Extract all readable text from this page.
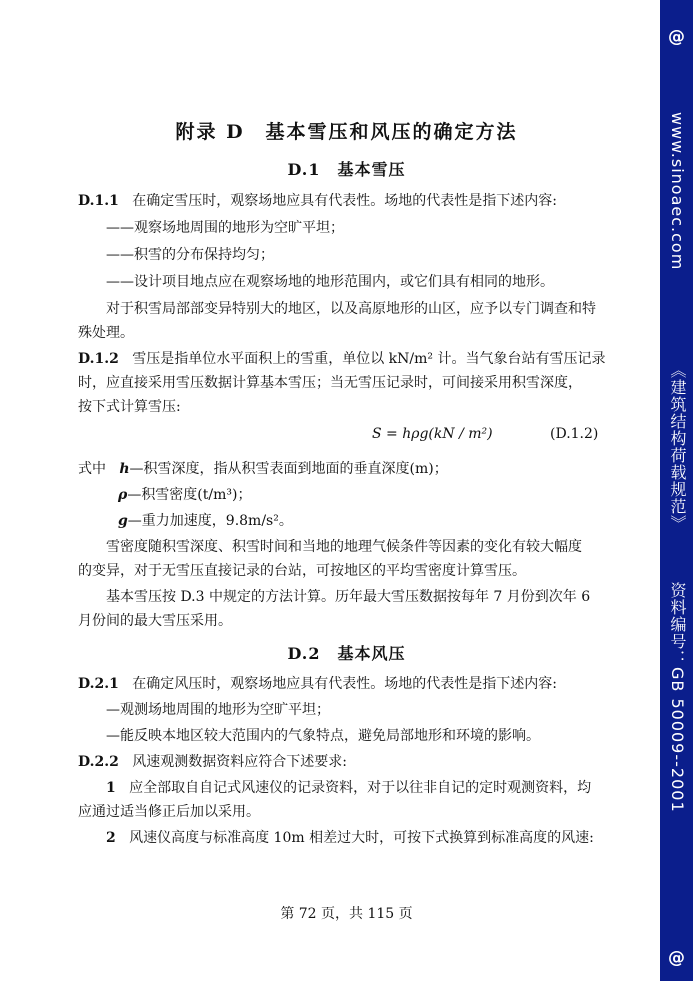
附录 D　基本雪压和风压的确定方法
D.1　基本雪压
D.1.1 在确定雪压时，观察场地应具有代表性。场地的代表性是指下述内容:
——观察场地周围的地形为空旷平坦；
——积雪的分布保持均匀；
——设计项目地点应在观察场地的地形范围内，或它们具有相同的地形。
对于积雪局部部变异特别大的地区，以及高原地形的山区，应予以专门调查和特
殊处理。
D.1.2 雪压是指单位水平面积上的雪重，单位以 kN/m² 计。当气象台站有雪压记录
时，应直接采用雪压数据计算基本雪压；当无雪压记录时，可间接采用积雪深度，
按下式计算雪压:
S = hρg(kN / m²)	(D.1.2)
式中 h—积雪深度，指从积雪表面到地面的垂直深度(m)；
ρ—积雪密度(t/m³)；
g—重力加速度，9.8m/s²。
雪密度随积雪深度、积雪时间和当地的地理气候条件等因素的变化有较大幅度
的变异，对于无雪压直接记录的台站，可按地区的平均雪密度计算雪压。
基本雪压按 D.3 中规定的方法计算。历年最大雪压数据按每年 7 月份到次年 6
月份间的最大雪压采用。
D.2　基本风压
D.2.1 在确定风压时，观察场地应具有代表性。场地的代表性是指下述内容:
—观测场地周围的地形为空旷平坦；
—能反映本地区较大范围内的气象特点，避免局部地形和环境的影响。
D.2.2 风速观测数据资料应符合下述要求:
1 应全部取自自记式风速仪的记录资料，对于以往非自记的定时观测资料，均
应通过适当修正后加以采用。
2 风速仪高度与标准高度 10m 相差过大时，可按下式换算到标准高度的风速:
第 72 页，共 115 页
@
www.sinoaec.com
《建筑结构荷载规范》
资料编号：GB 50009--2001
@
